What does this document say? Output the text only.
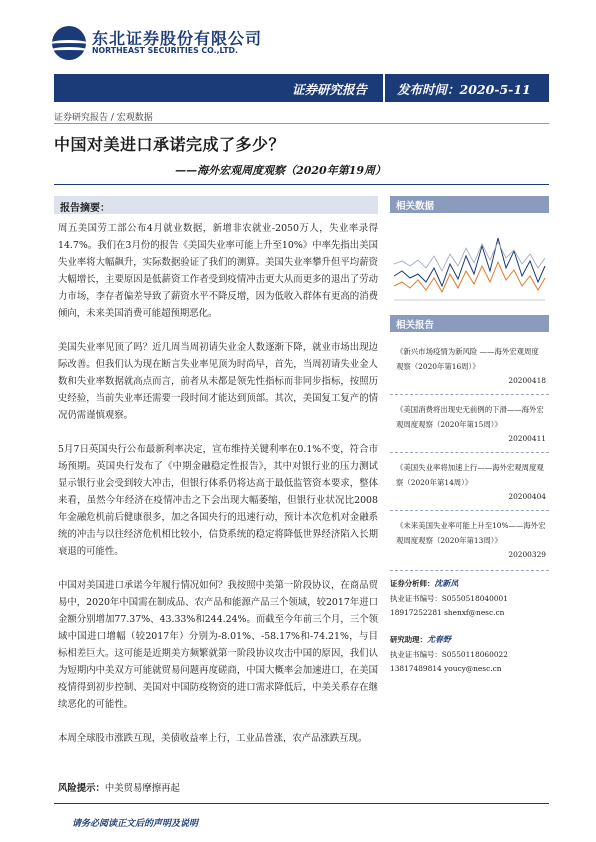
东北证券股份有限公司
NORTHEAST SECURITIES CO.,LTD.
证券研究报告 发布时间：2020-5-11
证券研究报告 / 宏观数据
中国对美进口承诺完成了多少？
——海外宏观周度观察（2020年第19周）
报告摘要：

周五美国劳工部公布4月就业数据，新增非农就业-2050万人，失业率录得14.7%。我们在3月份的报告《美国失业率可能上升至10%》中率先指出美国失业率将大幅飙升，实际数据验证了我们的测算。美国失业率攀升但平均薪资大幅增长，主要原因是低薪资工作者受到疫情冲击更大从而更多的退出了劳动力市场，李存者偏差导致了薪资水平不降反增，因为低收入群体有更高的消费倾向，未来美国消费可能超预期恶化。

美国失业率见顶了吗？近几周当周初请失业金人数逐渐下降，就业市场出现边际改善。但我们认为现在断言失业率见顶为时尚早，首先，当周初请失业金人数和失业率数据就高点而言，前者从未都是领先性指标而非同步指标，按照历史经验，当前失业率还需要一段时间才能达到顶部。其次，美国复工复产的情况仍需谨慎观察。

5月7日英国央行公布最新利率决定，宣布维持关键利率在0.1%不变，符合市场预期。英国央行发布了《中期金融稳定性报告》，其中对银行业的压力测试显示银行业会受到较大冲击，但银行体系仍将达高于最低监管资本要求，整体来看，虽然今年经济在疫情冲击之下会出现大幅萎缩，但银行业状况比2008年金融危机前后健康很多，加之各国央行的迅速行动，预计本次危机对金融系统的冲击与以往经济危机相比较小，信贷系统的稳定将降低世界经济陷入长期衰退的可能性。

中国对美国进口承诺今年履行情况如何？我按照中美第一阶段协议，在商品贸易中，2020年中国需在制成品、农产品和能源产品三个领域，较2017年进口金额分别增加77.37%、43.33%和244.24%。而截至今年前三个月，三个领域中国进口增幅（较2017年）分别为-8.01%、-58.17%和-74.21%，与目标相差巨大。这可能是近期美方频繁就第一阶段协议攻击中国的原因，我们认为短期内中美双方可能就贸易问题再度磋商，中国大概率会加速进口，在美国疫情得到初步控制、美国对中国防疫物资的进口需求降低后，中美关系存在继续恶化的可能性。

本周全球股市涨跌互现，美债收益率上行，工业品普涨，农产品涨跌互现。

风险提示：中美贸易摩擦再起
请务必阅读正文后的声明及说明
相关数据
相关报告
《新兴市场疫情为新风险 ——海外宏观周度观察（2020年第16周）》
20200418
《美国消费将出现史无前例的下滑——海外宏观周度观察（2020年第15周）》
20200411
《美国失业率将加速上行——海外宏观周度观察（2020年第14周）》
20200404
《未来美国失业率可能上升至10%——海外宏观周度观察（2020年第13周）》
20200329
证券分析师：沈新凤
执业证书编号：S0550518040001
18917252281 shenxf@nesc.cn
研究助理：尤春野
执业证书编号：S0550118060022
13817489814 youcy@nesc.cn
